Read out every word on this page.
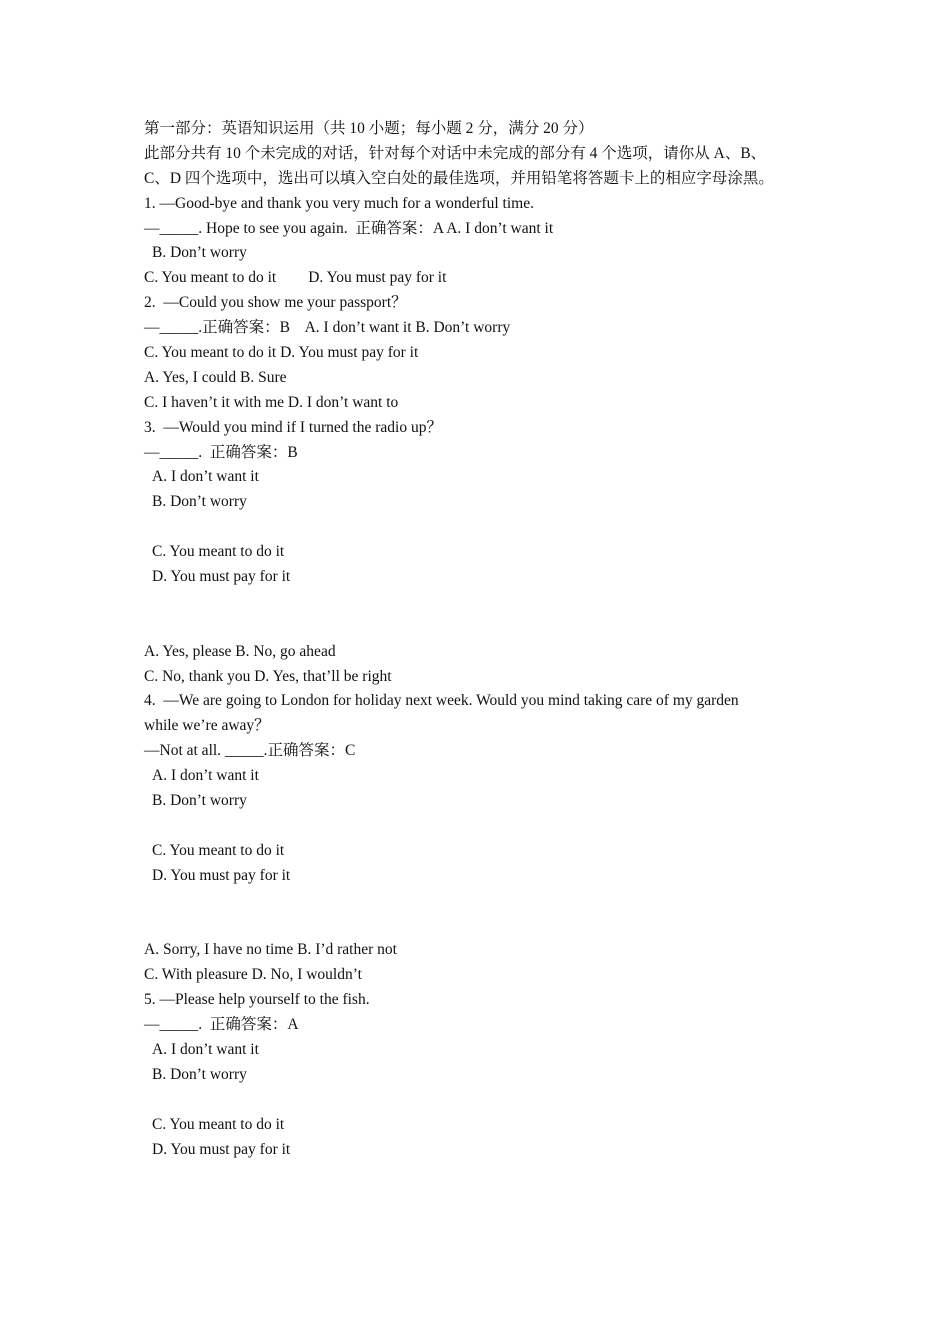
第一部分：英语知识运用（共 10 小题；每小题 2 分，满分 20 分）
此部分共有 10 个未完成的对话，针对每个对话中未完成的部分有 4 个选项，请你从 A、B、
C、D 四个选项中，选出可以填入空白处的最佳选项，并用铅笔将答题卡上的相应字母涂黑。
1. —Good-bye and thank you very much for a wonderful time.
—_____. Hope to see you again.  正确答案：A A. I don’t want it
B. Don’t worry
C. You meant to do it D. You must pay for it
2.  —Could you show me your passport？
—_____.正确答案：B    A. I don’t want it B. Don’t worry
C. You meant to do it D. You must pay for it
A. Yes, I could B. Sure
C. I haven’t it with me D. I don’t want to
3.  —Would you mind if I turned the radio up？
—_____.  正确答案：B
A. I don’t want it
B. Don’t worry
C. You meant to do it
D. You must pay for it
A. Yes, please B. No, go ahead
C. No, thank you D. Yes, that’ll be right
4.  —We are going to London for holiday next week. Would you mind taking care of my garden
while we’re away？
—Not at all. _____.正确答案：C
A. I don’t want it
B. Don’t worry
C. You meant to do it
D. You must pay for it
A. Sorry, I have no time B. I’d rather not
C. With pleasure D. No, I wouldn’t
5. —Please help yourself to the fish.
—_____.  正确答案：A
A. I don’t want it
B. Don’t worry
C. You meant to do it
D. You must pay for it
